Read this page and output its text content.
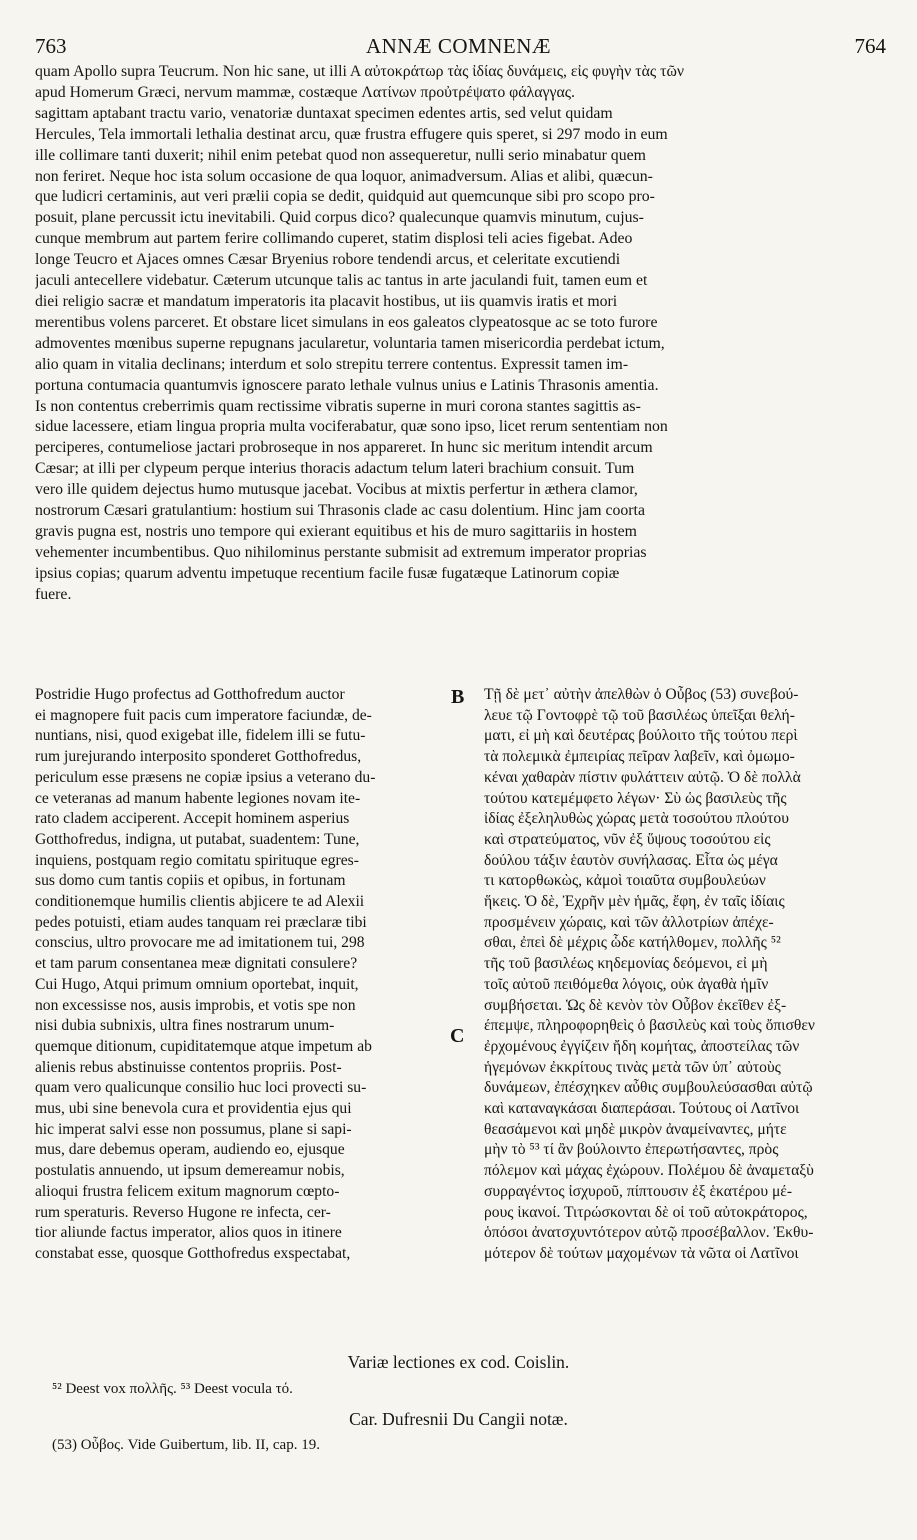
763	ANNÆ COMNENÆ	764
quam Apollo supra Teucrum. Non hic sane, ut illi A αὐτοκράτωρ τὰς ἰδίας δυνάμεις, εἰς φυγὴν τὰς τῶν
apud Homerum Græci, nervum mammæ, costæque Λατίνων προὐτρέψατο φάλαγγας.
sagittam aptabant tractu vario, venatoriæ duntaxat specimen edentes artis, sed velut quidam
Hercules, Tela immortali lethalia destinat arcu, quæ frustra effugere quis speret, si 297 modo in eum
ille collimare tanti duxerit; nihil enim petebat quod non assequeretur, nulli serio minabatur quem
non feriret. Neque hoc ista solum occasione de qua loquor, animadversum. Alias et alibi, quæcun-
que ludicri certaminis, aut veri prælii copia se dedit, quidquid aut quemcunque sibi pro scopo pro-
posuit, plane percussit ictu inevitabili. Quid corpus dico? qualecunque quamvis minutum, cujus-
cunque membrum aut partem ferire collimando cuperet, statim displosi teli acies figebat. Adeo
longe Teucro et Ajaces omnes Cæsar Bryenius robore tendendi arcus, et celeritate excutiendi
jaculi antecellere videbatur. Cæterum utcunque talis ac tantus in arte jaculandi fuit, tamen eum et
diei religio sacræ et mandatum imperatoris ita placavit hostibus, ut iis quamvis iratis et mori
merentibus volens parceret. Et obstare licet simulans in eos galeatos clypeatosque ac se toto furore
admoventes mœnibus superne repugnans jacularetur, voluntaria tamen misericordia perdebat ictum,
alio quam in vitalia declinans; interdum et solo strepitu terrere contentus. Expressit tamen im-
portuna contumacia quantumvis ignoscere parato lethale vulnus unius e Latinis Thrasonis amentia.
Is non contentus creberrimis quam rectissime vibratis superne in muri corona stantes sagittis as-
sidue lacessere, etiam lingua propria multa vociferabatur, quæ sono ipso, licet rerum sententiam non
perciperes, contumeliose jactari probroseque in nos appareret. In hunc sic meritum intendit arcum
Cæsar; at illi per clypeum perque interius thoracis adactum telum lateri brachium consuit. Tum
vero ille quidem dejectus humo mutusque jacebat. Vocibus at mixtis perfertur in æthera clamor,
nostrorum Cæsari gratulantium: hostium sui Thrasonis clade ac casu dolentium. Hinc jam coorta
gravis pugna est, nostris uno tempore qui exierant equitibus et his de muro sagittariis in hostem
vehementer incumbentibus. Quo nihilominus perstante submisit ad extremum imperator proprias
ipsius copias; quarum adventu impetuque recentium facile fusæ fugatæque Latinorum copiæ
fuere.
Postridie Hugo profectus ad Gotthofredum auctor
ei magnopere fuit pacis cum imperatore faciundæ, de-
nuntians, nisi, quod exigebat ille, fidelem illi se futu-
rum jurejurando interposito sponderet Gotthofredus,
periculum esse præsens ne copiæ ipsius a veterano du-
ce veteranas ad manum habente legiones novam ite-
rato cladem acciperent. Accepit hominem asperius
Gotthofredus, indigna, ut putabat, suadentem: Tune,
inquiens, postquam regio comitatu spirituque egres-
sus domo cum tantis copiis et opibus, in fortunam
conditionemque humilis clientis abjicere te ad Alexii
pedes potuisti, etiam audes tanquam rei præclaræ tibi
conscius, ultro provocare me ad imitationem tui, 298
et tam parum consentanea meæ dignitati consulere?
Cui Hugo, Atqui primum omnium oportebat, inquit,
non excessisse nos, ausis improbis, et votis spe non
nisi dubia subnixis, ultra fines nostrarum unum-
quemque ditionum, cupiditatemque atque impetum ab
alienis rebus abstinuisse contentos propriis. Post-
quam vero qualicunque consilio huc loci provecti su-
mus, ubi sine benevola cura et providentia ejus qui
hic imperat salvi esse non possumus, plane si sapi-
mus, dare debemus operam, audiendo eo, ejusque
postulatis annuendo, ut ipsum demereamur nobis,
alioqui frustra felicem exitum magnorum cœpto-
rum speraturis. Reverso Hugone re infecta, cer-
tior aliunde factus imperator, alios quos in itinere
constabat esse, quosque Gotthofredus exspectabat,
B
C
Τῇ δὲ μετ᾽ αὐτὴν ἀπελθὼν ὁ Οὖβος (53) συνεβού-
λευε τῷ Γοντοφρὲ τῷ τοῦ βασιλέως ὑπεῖξαι θελή-
ματι, εἰ μὴ καὶ δευτέρας βούλοιτο τῆς τούτου περὶ
τὰ πολεμικὰ ἐμπειρίας πεῖραν λαβεῖν, καὶ ὀμωμο-
κέναι χαθαρὰν πίστιν φυλάττειν αὐτῷ. Ὁ δὲ πολλὰ
τούτου κατεμέμφετο λέγων· Σὺ ὡς βασιλεὺς τῆς
ἰδίας ἐξεληλυθὼς χώρας μετὰ τοσούτου πλούτου
καὶ στρατεύματος, νῦν ἐξ ὕψους τοσούτου εἰς
δούλου τάξιν ἑαυτὸν συνήλασας. Εἶτα ὡς μέγα
τι κατορθωκὼς, κἀμοὶ τοιαῦτα συμβουλεύων
ἥκεις. Ὁ δὲ, Ἐχρῆν μὲν ἡμᾶς, ἔφη, ἐν ταῖς ἰδίαις
προσμένειν χώραις, καὶ τῶν ἀλλοτρίων ἀπέχε-
σθαι, ἐπεὶ δὲ μέχρις ὧδε κατήλθομεν, πολλῆς ⁵²
τῆς τοῦ βασιλέως κηδεμονίας δεόμενοι, εἰ μὴ
τοῖς αὐτοῦ πειθόμεθα λόγοις, οὐκ ἀγαθὰ ἡμῖν
συμβήσεται. Ὡς δὲ κενὸν τὸν Οὖβον ἐκεῖθεν ἐξ-
έπεμψε, πληροφορηθεὶς ὁ βασιλεὺς καὶ τοὺς ὄπισθεν
ἐρχομένους ἐγγίζειν ἤδη κομήτας, ἀποστείλας τῶν
ἡγεμόνων ἐκκρίτους τινὰς μετὰ τῶν ὑπ᾽ αὐτοὺς
δυνάμεων, ἐπέσχηκεν αὖθις συμβουλεύσασθαι αὐτῷ
καὶ καταναγκάσαι διαπεράσαι. Τούτους οἱ Λατῖνοι
θεασάμενοι καὶ μηδὲ μικρὸν ἀναμείναντες, μήτε
μὴν τὸ ⁵³ τί ἂν βούλοιντο ἐπερωτήσαντες, πρὸς
πόλεμον καὶ μάχας ἐχώρουν. Πολέμου δὲ ἀναμεταξὺ
συρραγέντος ἰσχυροῦ, πίπτουσιν ἐξ ἑκατέρου μέ-
ρους ἱκανοί. Τιτρώσκονται δὲ οἱ τοῦ αὐτοκράτορος,
ὁπόσοι ἀνατσχυντότερον αὐτῷ προσέβαλλον. Ἐκθυ-
μότερον δὲ τούτων μαχομένων τὰ νῶτα οἱ Λατῖνοι
Variæ lectiones ex cod. Coislin.
⁵² Deest vox πολλῆς. ⁵³ Deest vocula τό.
Car. Dufresnii Du Cangii notæ.
(53) Οὖβος. Vide Guibertum, lib. II, cap. 19.
